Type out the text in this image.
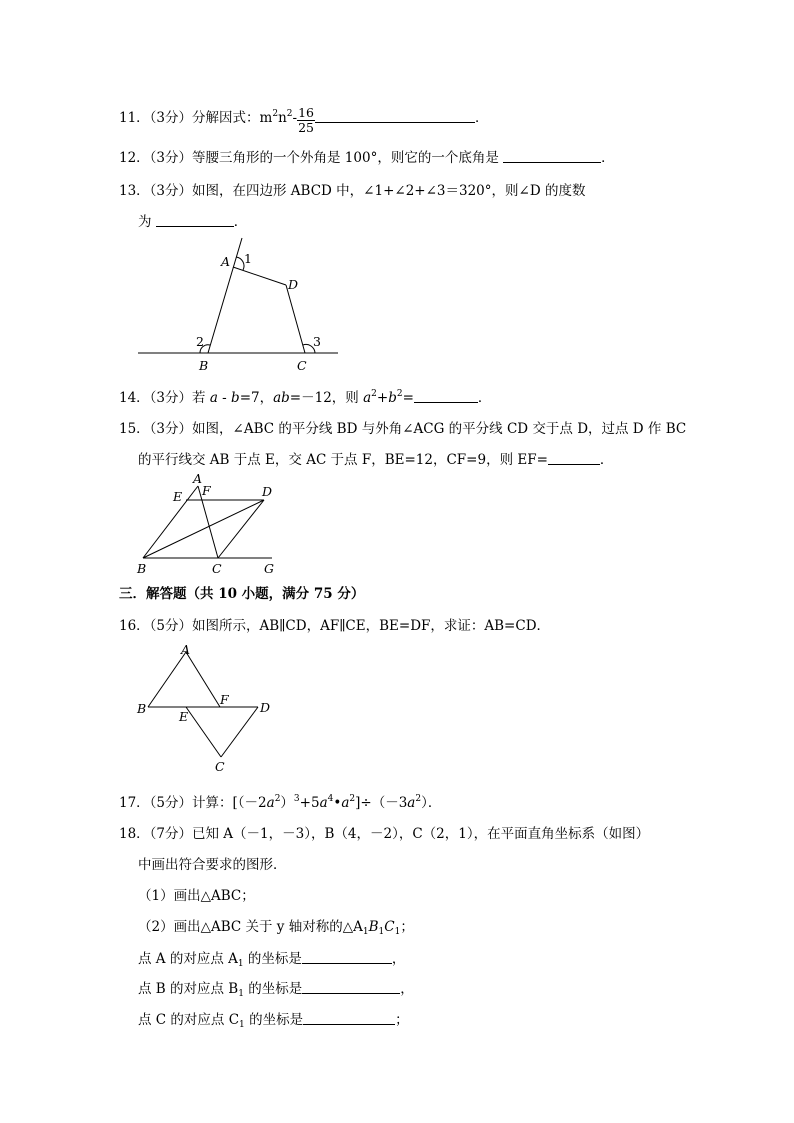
11．（3分）分解因式：$m^2n^2- \frac{16}{25}$	．
12．（3分）等腰三角形的一个外角是 100°，则它的一个底角是	．
13．（3分）如图，在四边形 ABCD 中，∠1+∠2+∠3＝320°，则∠D 的度数
为	．
A 1
D
2	3
B	C
14．（3分）若 a - b=7，ab=－12，则 $a^2+b^2=$	．
15．（3分）如图，∠ABC 的平分线 BD 与外角∠ACG 的平分线 CD 交于点 D，过点 D 作 BC
的平行线交 AB 于点 E，交 AC 于点 F，BE=12，CF=9，则 EF=	．
A
E F	D
B	C	G
三．解答题（共 10 小题，满分 75 分）
16．（5分）如图所示，AB∥CD，AF∥CE，BE=DF，求证：AB=CD．
A
B
F
E
D
C
17．（5分）计算：$[(-2a^2)^3+5a^4•a^2]\div(-3a^2)$．
18．（7分）已知 A（－1，－3），B（4，－2），C（2，1），在平面直角坐标系（如图）
中画出符合要求的图形．
（1）画出△ABC；
（2）画出△ABC 关于 y 轴对称的$\triangle A_1B_1C_1$；
点 A 的对应点 $A_1$ 的坐标是	，
点 B 的对应点 $B_1$ 的坐标是	，
点 C 的对应点 $C_1$ 的坐标是	；
